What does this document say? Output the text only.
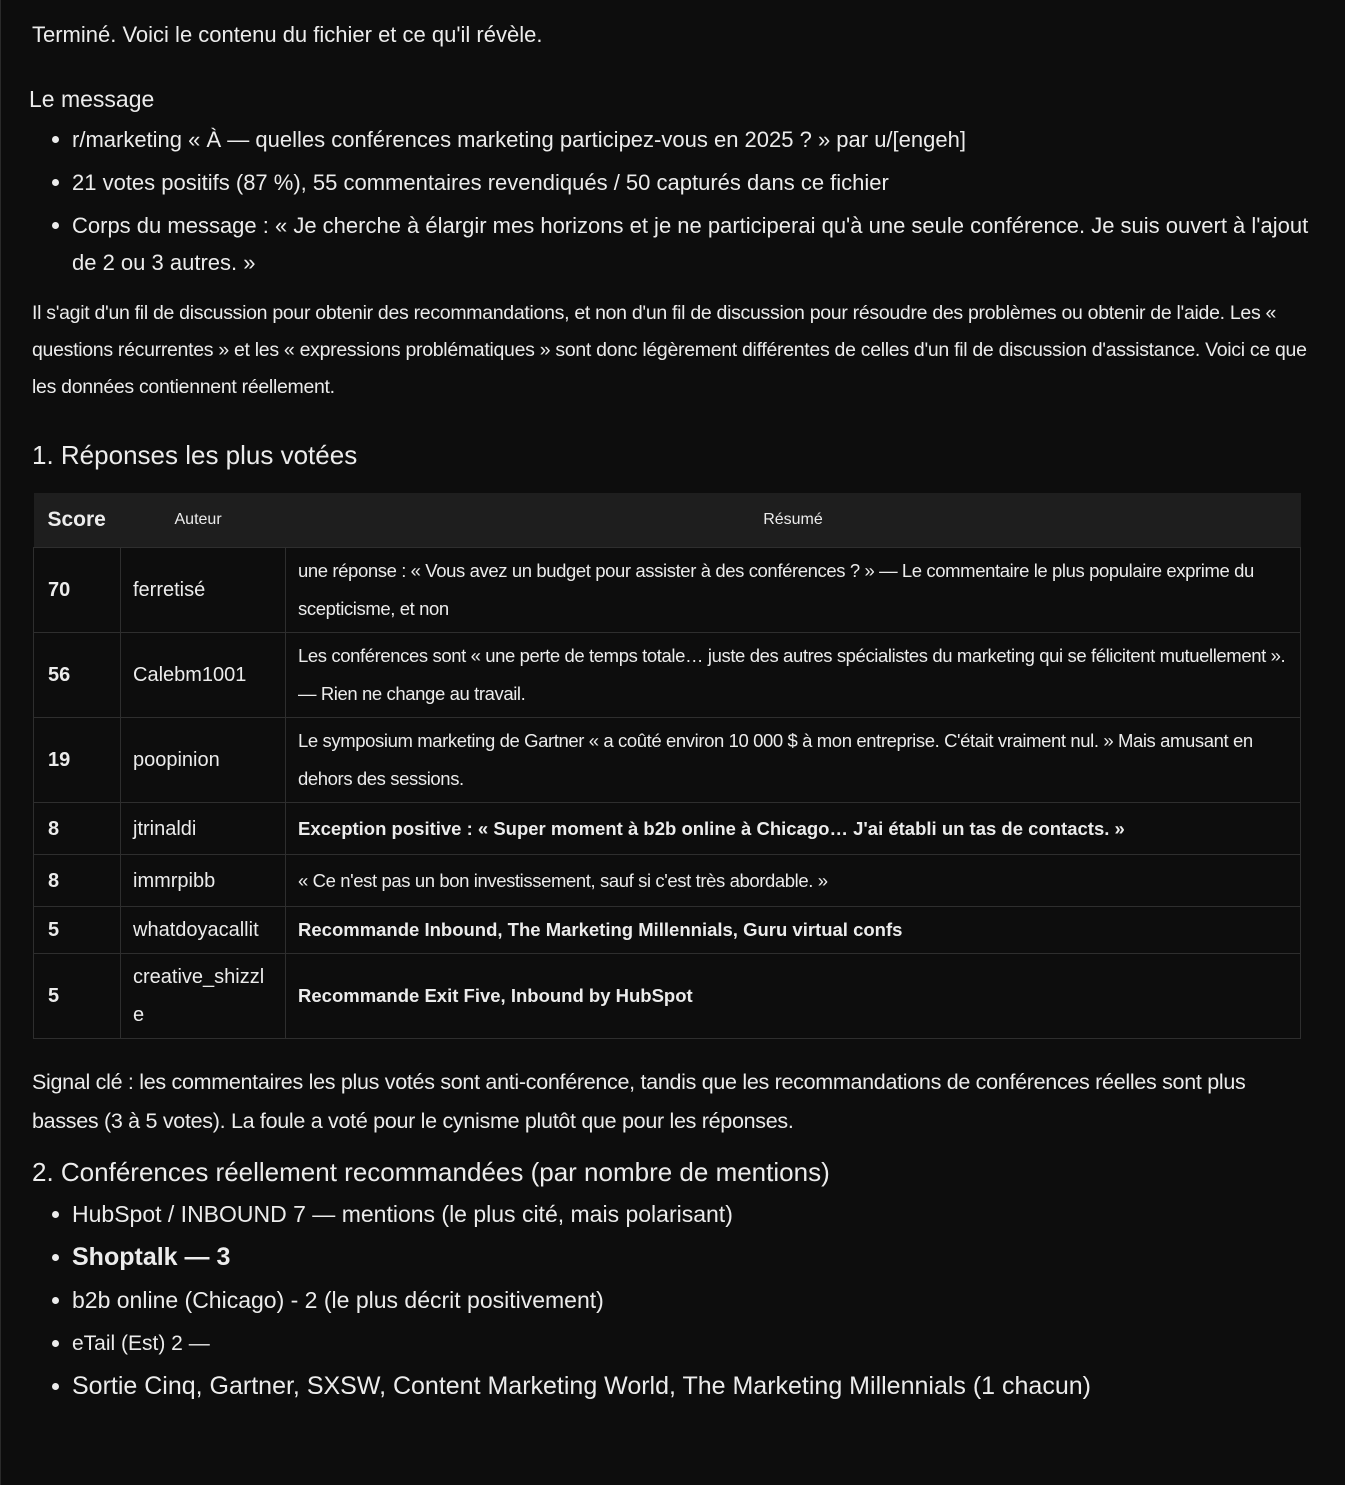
Terminé. Voici le contenu du fichier et ce qu'il révèle.

Le message
r/marketing « À — quelles conférences marketing participez-vous en 2025 ? » par u/[engeh]
21 votes positifs (87 %), 55 commentaires revendiqués / 50 capturés dans ce fichier
Corps du message : « Je cherche à élargir mes horizons et je ne participerai qu'à une seule conférence. Je suis ouvert à l'ajout de 2 ou 3 autres. »

Il s'agit d'un fil de discussion pour obtenir des recommandations, et non d'un fil de discussion pour résoudre des problèmes ou obtenir de l'aide. Les « questions récurrentes » et les « expressions problématiques » sont donc légèrement différentes de celles d'un fil de discussion d'assistance. Voici ce que les données contiennent réellement.

1. Réponses les plus votées
Score	Auteur	Résumé
70	ferretisé	une réponse : « Vous avez un budget pour assister à des conférences ? » — Le commentaire le plus populaire exprime du scepticisme, et non
56	Calebm1001	Les conférences sont « une perte de temps totale… juste des autres spécialistes du marketing qui se félicitent mutuellement ». — Rien ne change au travail.
19	poopinion	Le symposium marketing de Gartner « a coûté environ 10 000 $ à mon entreprise. C'était vraiment nul. » Mais amusant en dehors des sessions.
8	jtrinaldi	Exception positive : « Super moment à b2b online à Chicago… J'ai établi un tas de contacts. »
8	immrpibb	« Ce n'est pas un bon investissement, sauf si c'est très abordable. »
5	whatdoyacallit	Recommande Inbound, The Marketing Millennials, Guru virtual confs
5	creative_shizzle	Recommande Exit Five, Inbound by HubSpot

Signal clé : les commentaires les plus votés sont anti-conférence, tandis que les recommandations de conférences réelles sont plus basses (3 à 5 votes). La foule a voté pour le cynisme plutôt que pour les réponses.

2. Conférences réellement recommandées (par nombre de mentions)
HubSpot / INBOUND 7 — mentions (le plus cité, mais polarisant)
Shoptalk — 3
b2b online (Chicago) - 2 (le plus décrit positivement)
eTail (Est) 2 —
Sortie Cinq, Gartner, SXSW, Content Marketing World, The Marketing Millennials (1 chacun)
